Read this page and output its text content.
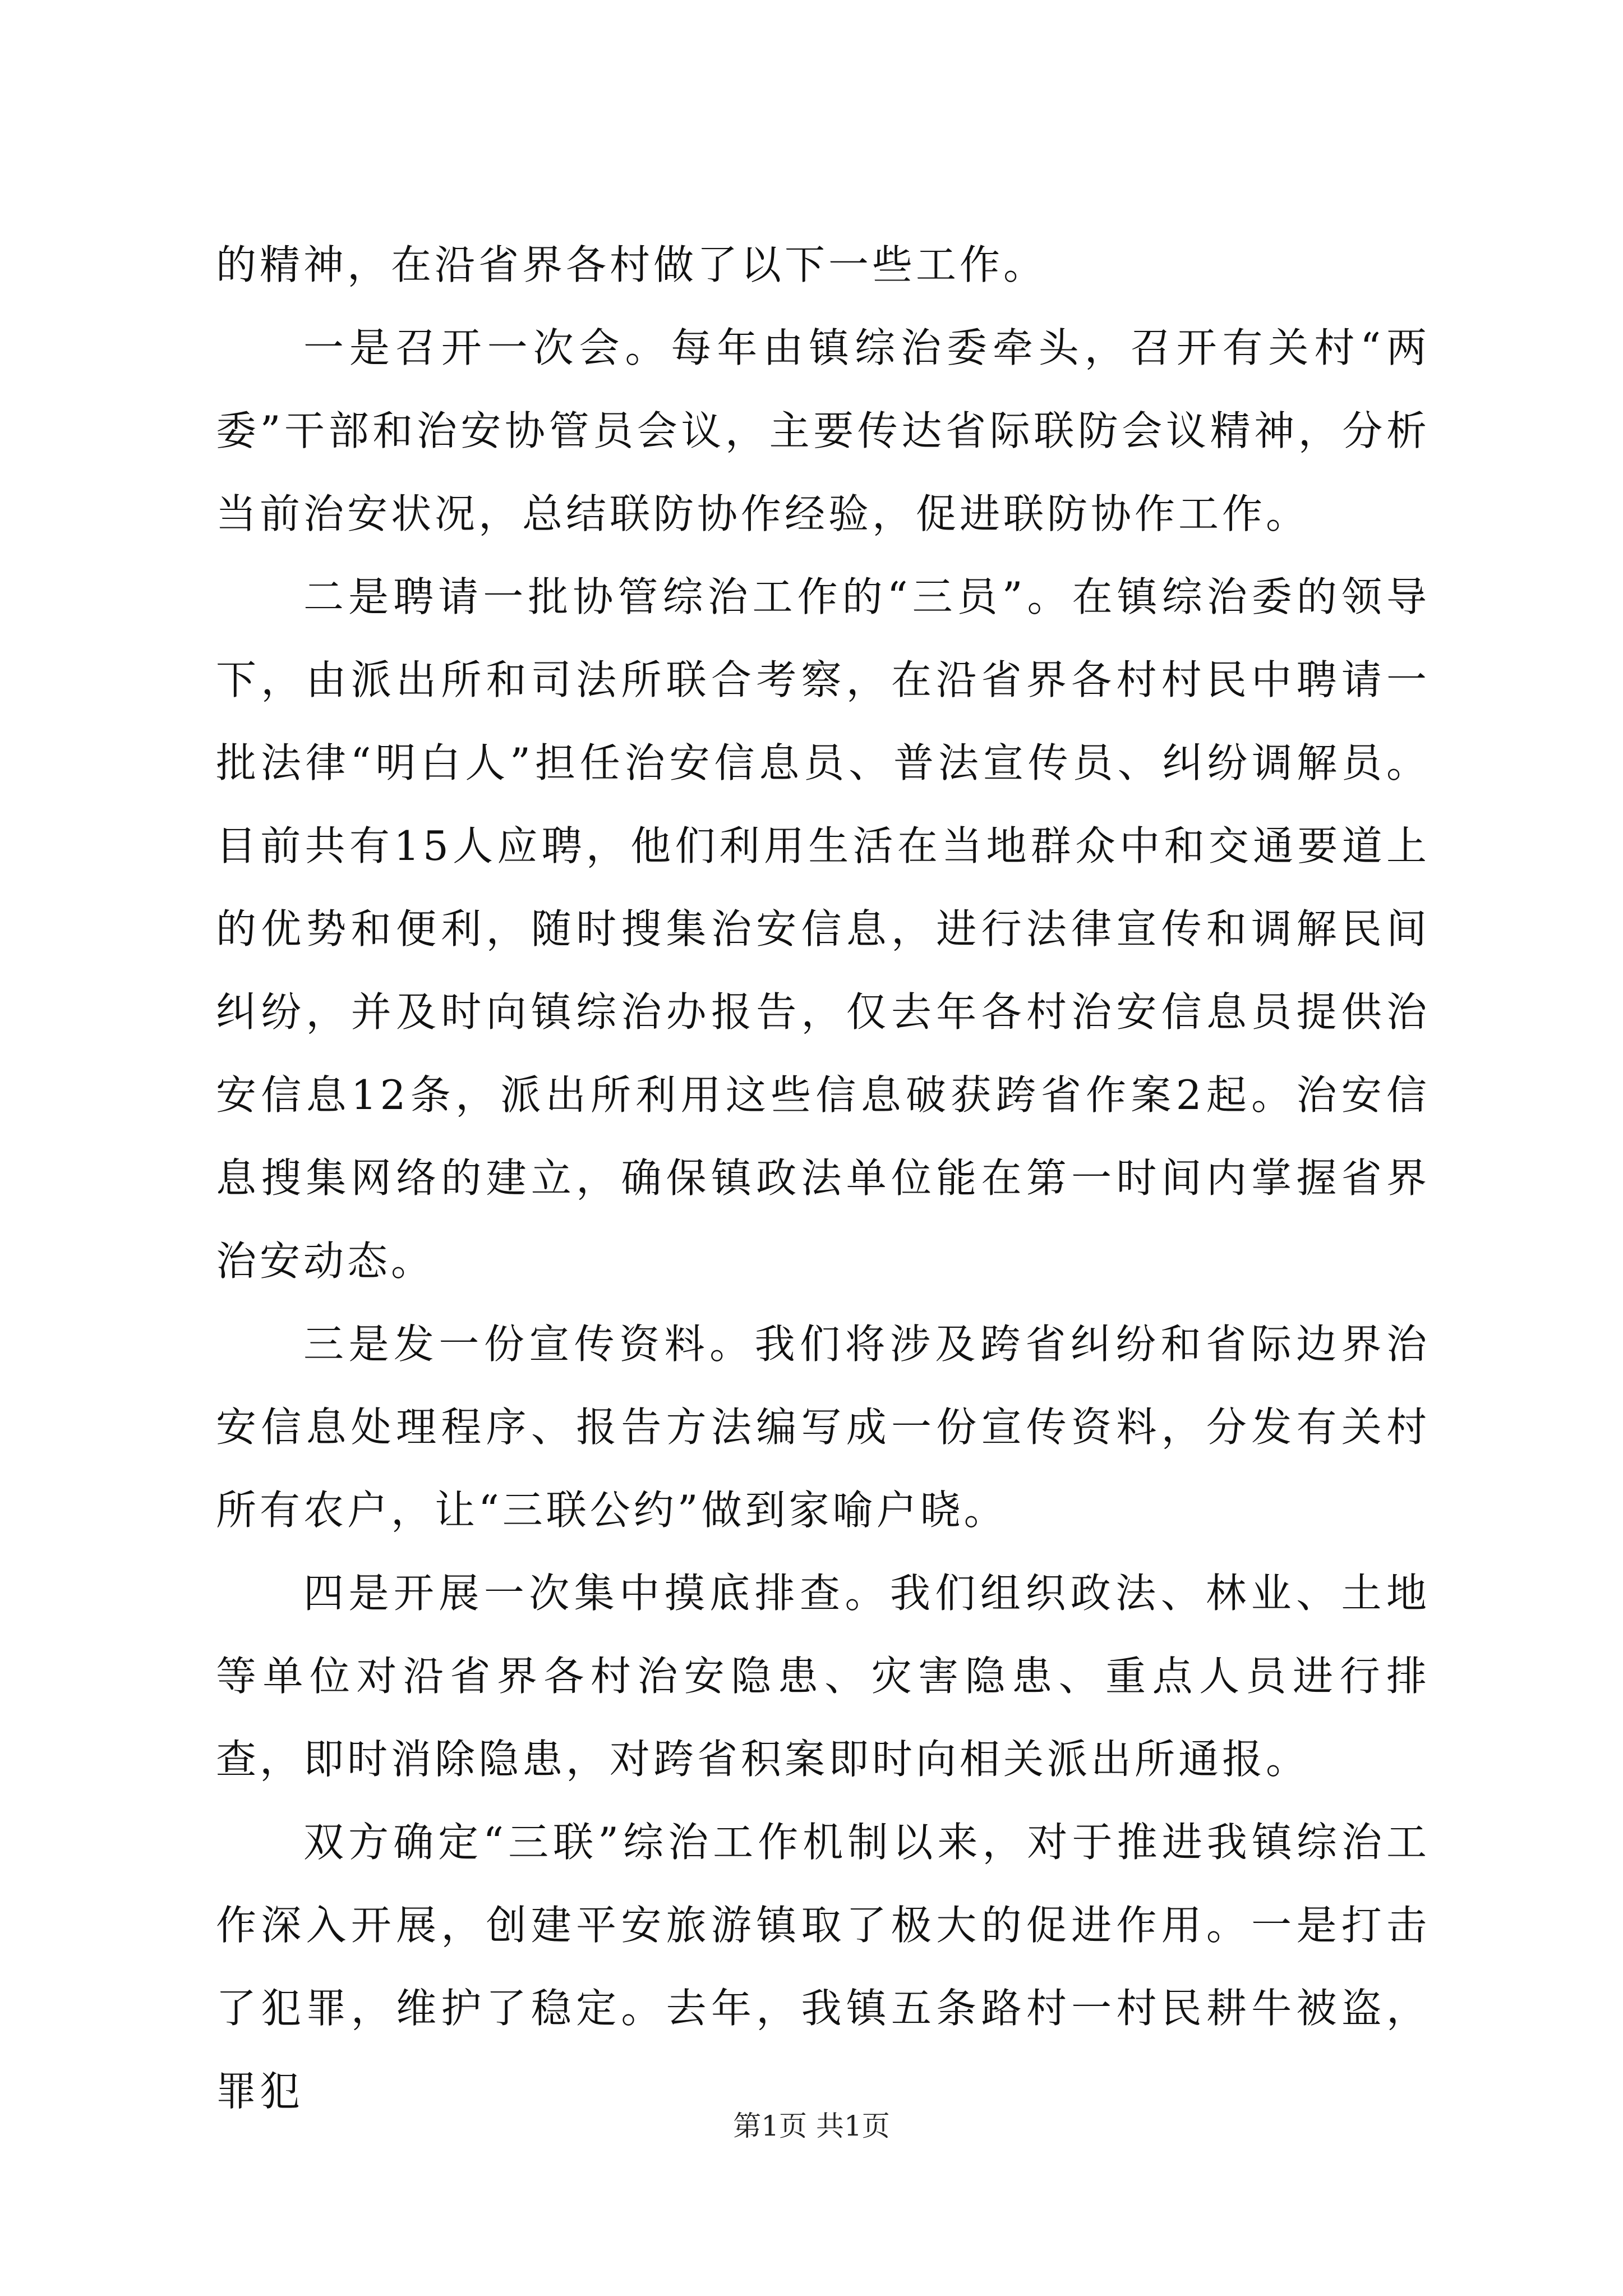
的精神，在沿省界各村做了以下一些工作。

一是召开一次会。每年由镇综治委牵头，召开有关村“两委”干部和治安协管员会议，主要传达省际联防会议精神，分析当前治安状况，总结联防协作经验，促进联防协作工作。

二是聘请一批协管综治工作的“三员”。在镇综治委的领导下，由派出所和司法所联合考察，在沿省界各村村民中聘请一批法律“明白人”担任治安信息员、普法宣传员、纠纷调解员。目前共有15人应聘，他们利用生活在当地群众中和交通要道上的优势和便利，随时搜集治安信息，进行法律宣传和调解民间纠纷，并及时向镇综治办报告，仅去年各村治安信息员提供治安信息12条，派出所利用这些信息破获跨省作案2起。治安信息搜集网络的建立，确保镇政法单位能在第一时间内掌握省界治安动态。

三是发一份宣传资料。我们将涉及跨省纠纷和省际边界治安信息处理程序、报告方法编写成一份宣传资料，分发有关村所有农户，让“三联公约”做到家喻户晓。

四是开展一次集中摸底排查。我们组织政法、林业、土地等单位对沿省界各村治安隐患、灾害隐患、重点人员进行排查，即时消除隐患，对跨省积案即时向相关派出所通报。

双方确定“三联”综治工作机制以来，对于推进我镇综治工作深入开展，创建平安旅游镇取了极大的促进作用。一是打击了犯罪，维护了稳定。去年，我镇五条路村一村民耕牛被盗，罪犯

第1页 共1页
